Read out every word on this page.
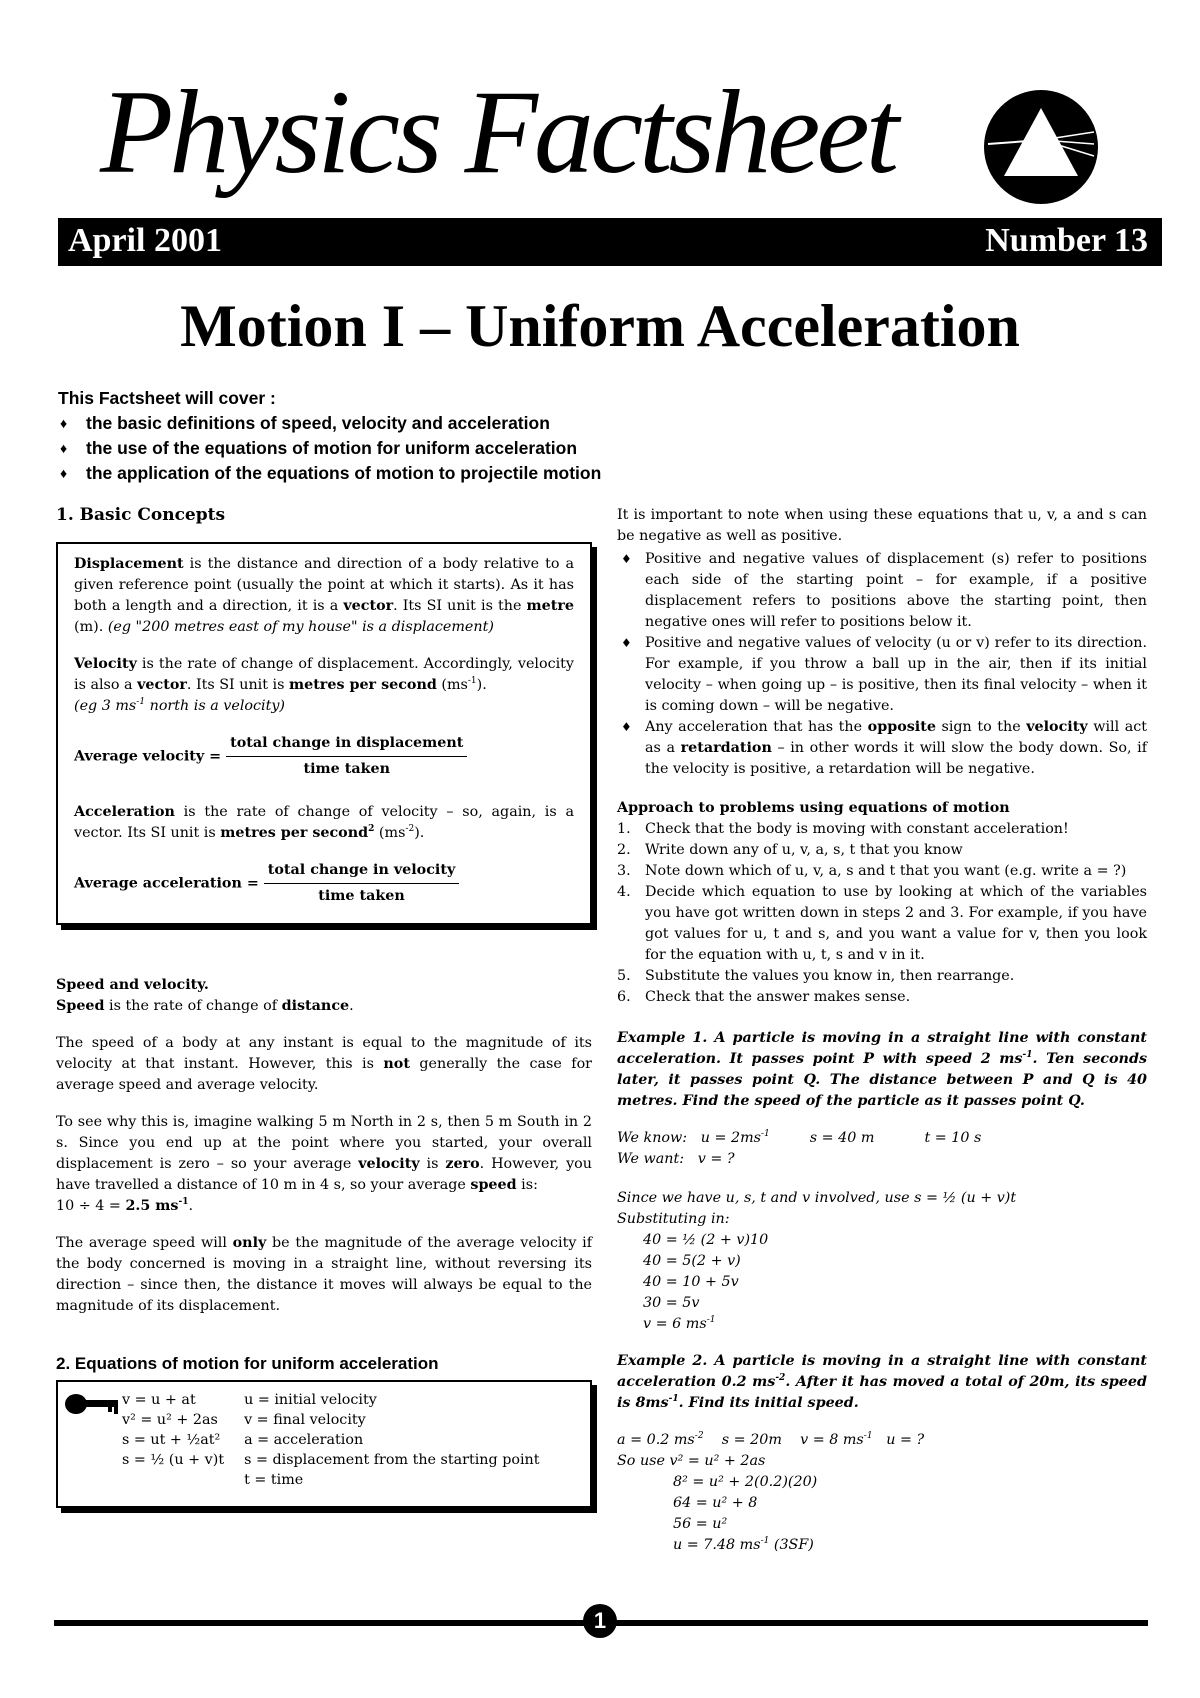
Physics Factsheet
April 2001	Number 13
Motion I – Uniform Acceleration
This Factsheet will cover :
♦ the basic definitions of speed, velocity and acceleration
♦ the use of the equations of motion for uniform acceleration
♦ the application of the equations of motion to projectile motion
1. Basic Concepts

Displacement is the distance and direction of a body relative to a given reference point (usually the point at which it starts). As it has both a length and a direction, it is a vector. Its SI unit is the metre (m). (eg "200 metres east of my house" is a displacement)

Velocity is the rate of change of displacement. Accordingly, velocity is also a vector. Its SI unit is metres per second $(ms^{-1})$.
(eg 3 $ms^{-1}$ north is a velocity)

Average velocity = $\frac{\text{total change in displacement}}{\text{time taken}}$

Acceleration is the rate of change of velocity – so, again, is a vector. Its SI unit is metres per second$^2$ $(ms^{-2})$.

Average acceleration = $\frac{\text{total change in velocity}}{\text{time taken}}$
Speed and velocity.

Speed is the rate of change of distance.

The speed of a body at any instant is equal to the magnitude of its velocity at that instant. However, this is not generally the case for average speed and average velocity.

To see why this is, imagine walking 5 m North in 2 s, then 5 m South in 2 s. Since you end up at the point where you started, your overall displacement is zero – so your average velocity is zero. However, you have travelled a distance of 10 m in 4 s, so your average speed is:
10 ÷ 4 = 2.5 $ms^{-1}$.

The average speed will only be the magnitude of the average velocity if the body concerned is moving in a straight line, without reversing its direction – since then, the distance it moves will always be equal to the magnitude of its displacement.

2. Equations of motion for uniform acceleration
v = u + at	u = initial velocity
v² = u² + 2as	v = final velocity
s = ut + ½at²	a = acceleration
s = ½ (u + v)t	s = displacement from the starting point
	t = time

It is important to note when using these equations that u, v, a and s can be negative as well as positive.

♦ Positive and negative values of displacement (s) refer to positions each side of the starting point – for example, if a positive displacement refers to positions above the starting point, then negative ones will refer to positions below it.
♦ Positive and negative values of velocity (u or v) refer to its direction. For example, if you throw a ball up in the air, then if its initial velocity – when going up – is positive, then its final velocity – when it is coming down – will be negative.
♦ Any acceleration that has the opposite sign to the velocity will act as a retardation – in other words it will slow the body down. So, if the velocity is positive, a retardation will be negative.
Approach to problems using equations of motion
1. Check that the body is moving with constant acceleration!
2. Write down any of u, v, a, s, t that you know
3. Note down which of u, v, a, s and t that you want (e.g. write a = ?)
4. Decide which equation to use by looking at which of the variables you have got written down in steps 2 and 3. For example, if you have got values for u, t and s, and you want a value for v, then you look for the equation with u, t, s and v in it.
5. Substitute the values you know in, then rearrange.
6. Check that the answer makes sense.

Example 1. A particle is moving in a straight line with constant acceleration. It passes point P with speed 2 $ms^{-1}$. Ten seconds later, it passes point Q. The distance between P and Q is 40 metres. Find the speed of the particle as it passes point Q.

We know: $u = 2ms^{-1}$	s = 40 m	t = 10 s
We want: v = ?
Since we have u, s, t and v involved, use s = ½ (u + v)t
Substituting in:
40 = ½ (2 + v)10
40 = 5(2 + v)
40 = 10 + 5v
30 = 5v
v = 6 $ms^{-1}$

Example 2. A particle is moving in a straight line with constant acceleration 0.2 $ms^{-2}$. After it has moved a total of 20m, its speed is $8ms^{-1}$. Find its initial speed.

a = 0.2 $ms^{-2}$ s = 20m v = 8 $ms^{-1}$ u = ?
So use v² = u² + 2as
8² = u² + 2(0.2)(20)
64 = u² + 8
56 = u²
u = 7.48 $ms^{-1}$ (3SF)
1
